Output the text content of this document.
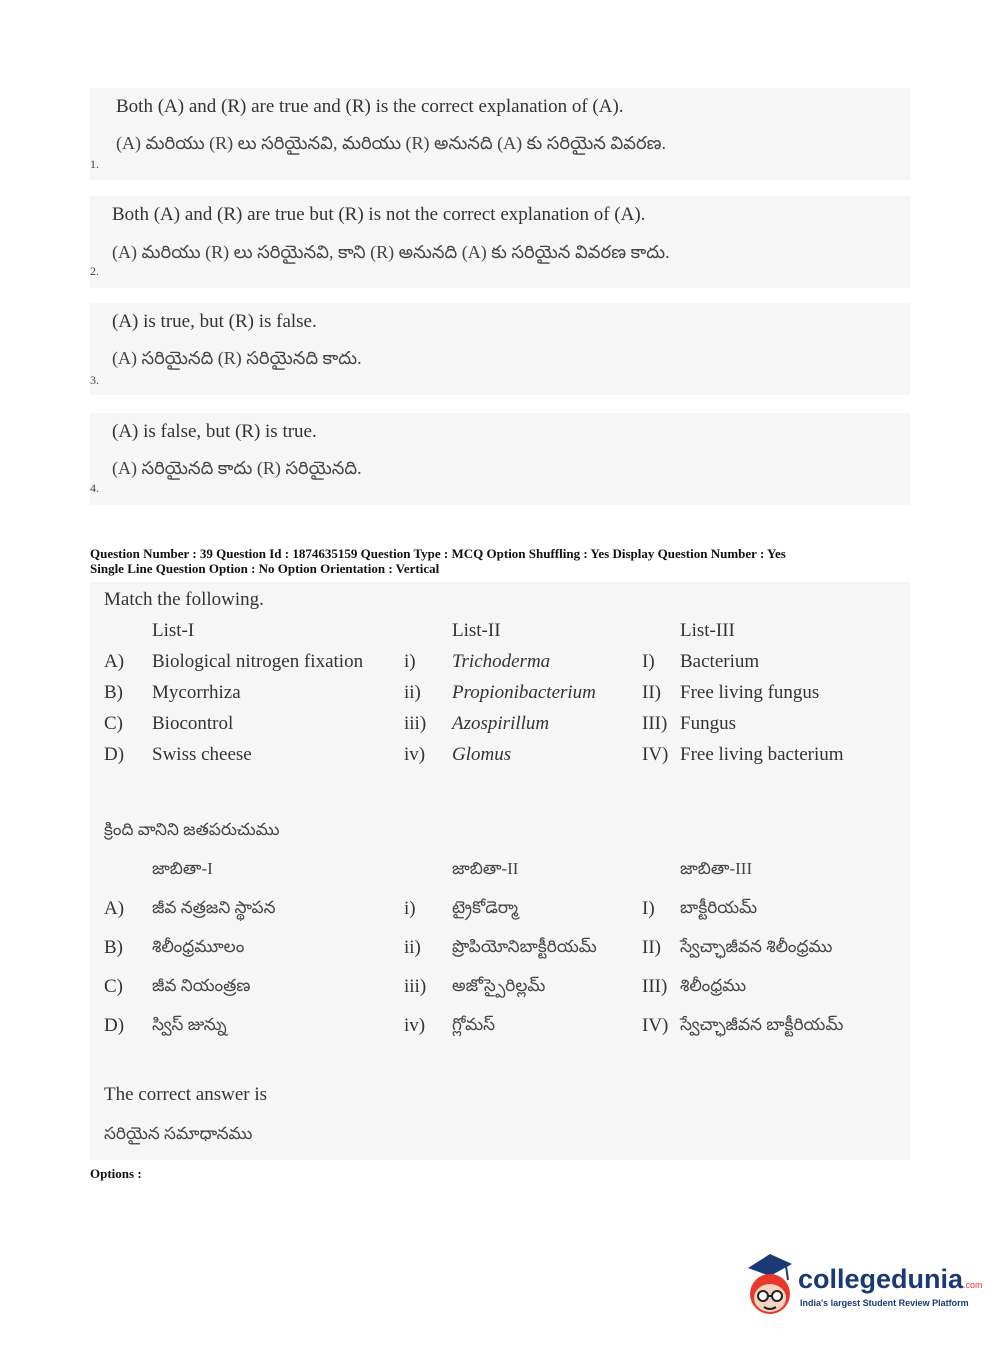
Both (A) and (R) are true and (R) is the correct explanation of (A).
(A) మరియు (R) లు సరియైనవి, మరియు (R) అనునది (A) కు సరియైన వివరణ.
1.
Both (A) and (R) are true but (R) is not the correct explanation of (A).
(A) మరియు (R) లు సరియైనవి, కాని (R) అనునది (A) కు సరియైన వివరణ కాదు.
2.
(A) is true, but (R) is false.
(A) సరియైనది (R) సరియైనది కాదు.
3.
(A) is false, but (R) is true.
(A) సరియైనది కాదు (R) సరియైనది.
4.
Question Number : 39 Question Id : 1874635159 Question Type : MCQ Option Shuffling : Yes Display Question Number : Yes
Single Line Question Option : No Option Orientation : Vertical
Match the following.
List-I	List-II	List-III
A) Biological nitrogen fixation i) Trichoderma	I) Bacterium
B) Mycorrhiza	ii) Propionibacterium II) Free living fungus
C) Biocontrol	iii) Azospirillum	III) Fungus
D) Swiss cheese	iv) Glomus	IV) Free living bacterium
క్రింది వానిని జతపరుచుము
జాబితా-I	జాబితా-II	జాబితా-III
A) జీవ నత్రజని స్థాపన	i) ట్రైకోడెర్మా	I) బాక్టీరియమ్
B) శిలీంధ్రమూలం	ii) ప్రొపియోనిబాక్టీరియమ్ II) స్వేచ్ఛాజీవన శిలీంధ్రము
C) జీవ నియంత్రణ	iii) అజోస్పైరిల్లమ్	III) శిలీంధ్రము
D) స్విస్ జున్ను	iv) గ్లోమస్	IV) స్వేచ్ఛాజీవన బాక్టీరియమ్
The correct answer is
సరియైన సమాధానము
Options :
collegedunia.com
India's largest Student Review Platform
